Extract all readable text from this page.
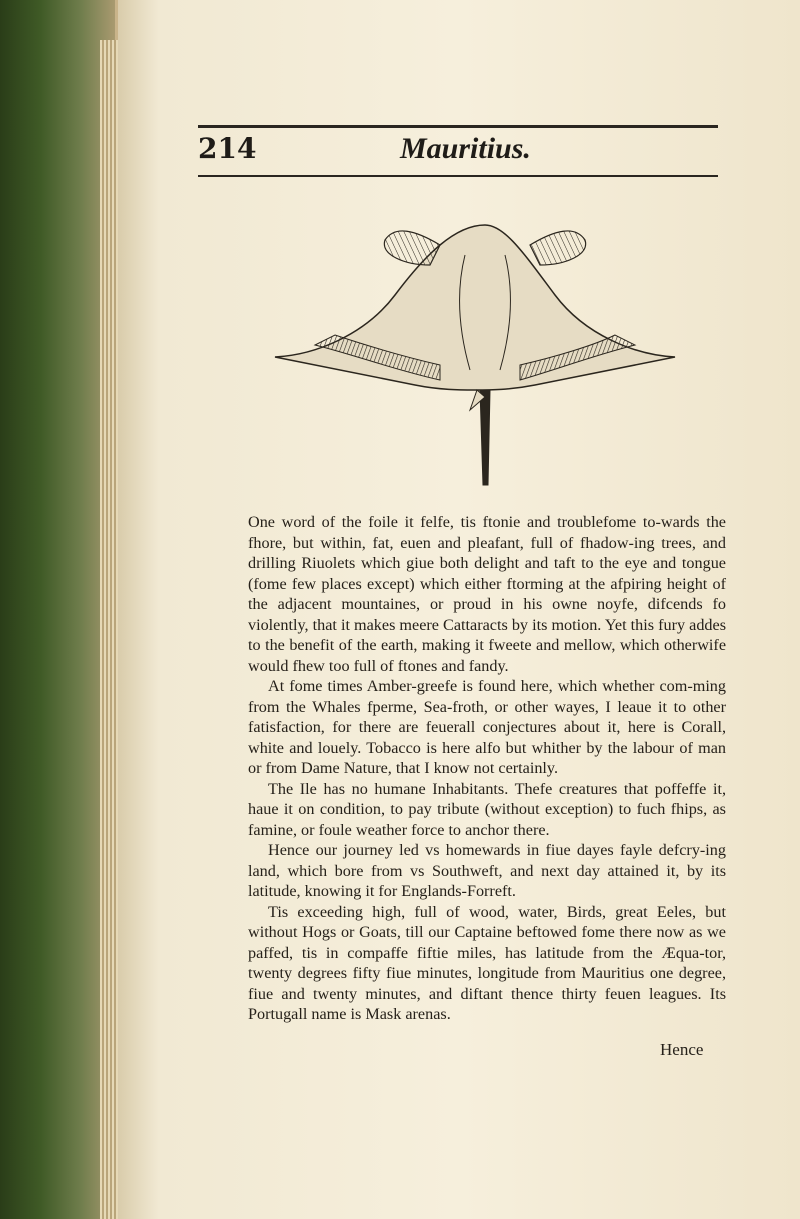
214	Mauritius.

One word of the foile it felfe, tis ftonie and troublefome to-wards the fhore, but within, fat, euen and pleafant, full of fhadow-ing trees, and drilling Riuolets which giue both delight and taft to the eye and tongue (fome few places except) which either ftorming at the afpiring height of the adjacent mountaines, or proud in his owne noyfe, difcends fo violently, that it makes meere Cattaracts by its motion. Yet this fury addes to the benefit of the earth, making it fweete and mellow, which otherwife would fhew too full of ftones and fandy.

At fome times Amber-greefe is found here, which whether com-ming from the Whales fperme, Sea-froth, or other wayes, I leaue it to other fatisfaction, for there are feuerall conjectures about it, here is Corall, white and louely. Tobacco is here alfo but whither by the labour of man or from Dame Nature, that I know not certainly.

The Ile has no humane Inhabitants. Thefe creatures that poffeffe it, haue it on condition, to pay tribute (without exception) to fuch fhips, as famine, or foule weather force to anchor there.

Hence our journey led vs homewards in fiue dayes fayle defcry-ing land, which bore from vs Southweft, and next day attained it, by its latitude, knowing it for Englands-Forreft.

Tis exceeding high, full of wood, water, Birds, great Eeles, but without Hogs or Goats, till our Captaine beftowed fome there now as we paffed, tis in compaffe fiftie miles, has latitude from the Æqua-tor, twenty degrees fifty fiue minutes, longitude from Mauritius one degree, fiue and twenty minutes, and diftant thence thirty feuen leagues. Its Portugall name is Mask arenas.

Hence
